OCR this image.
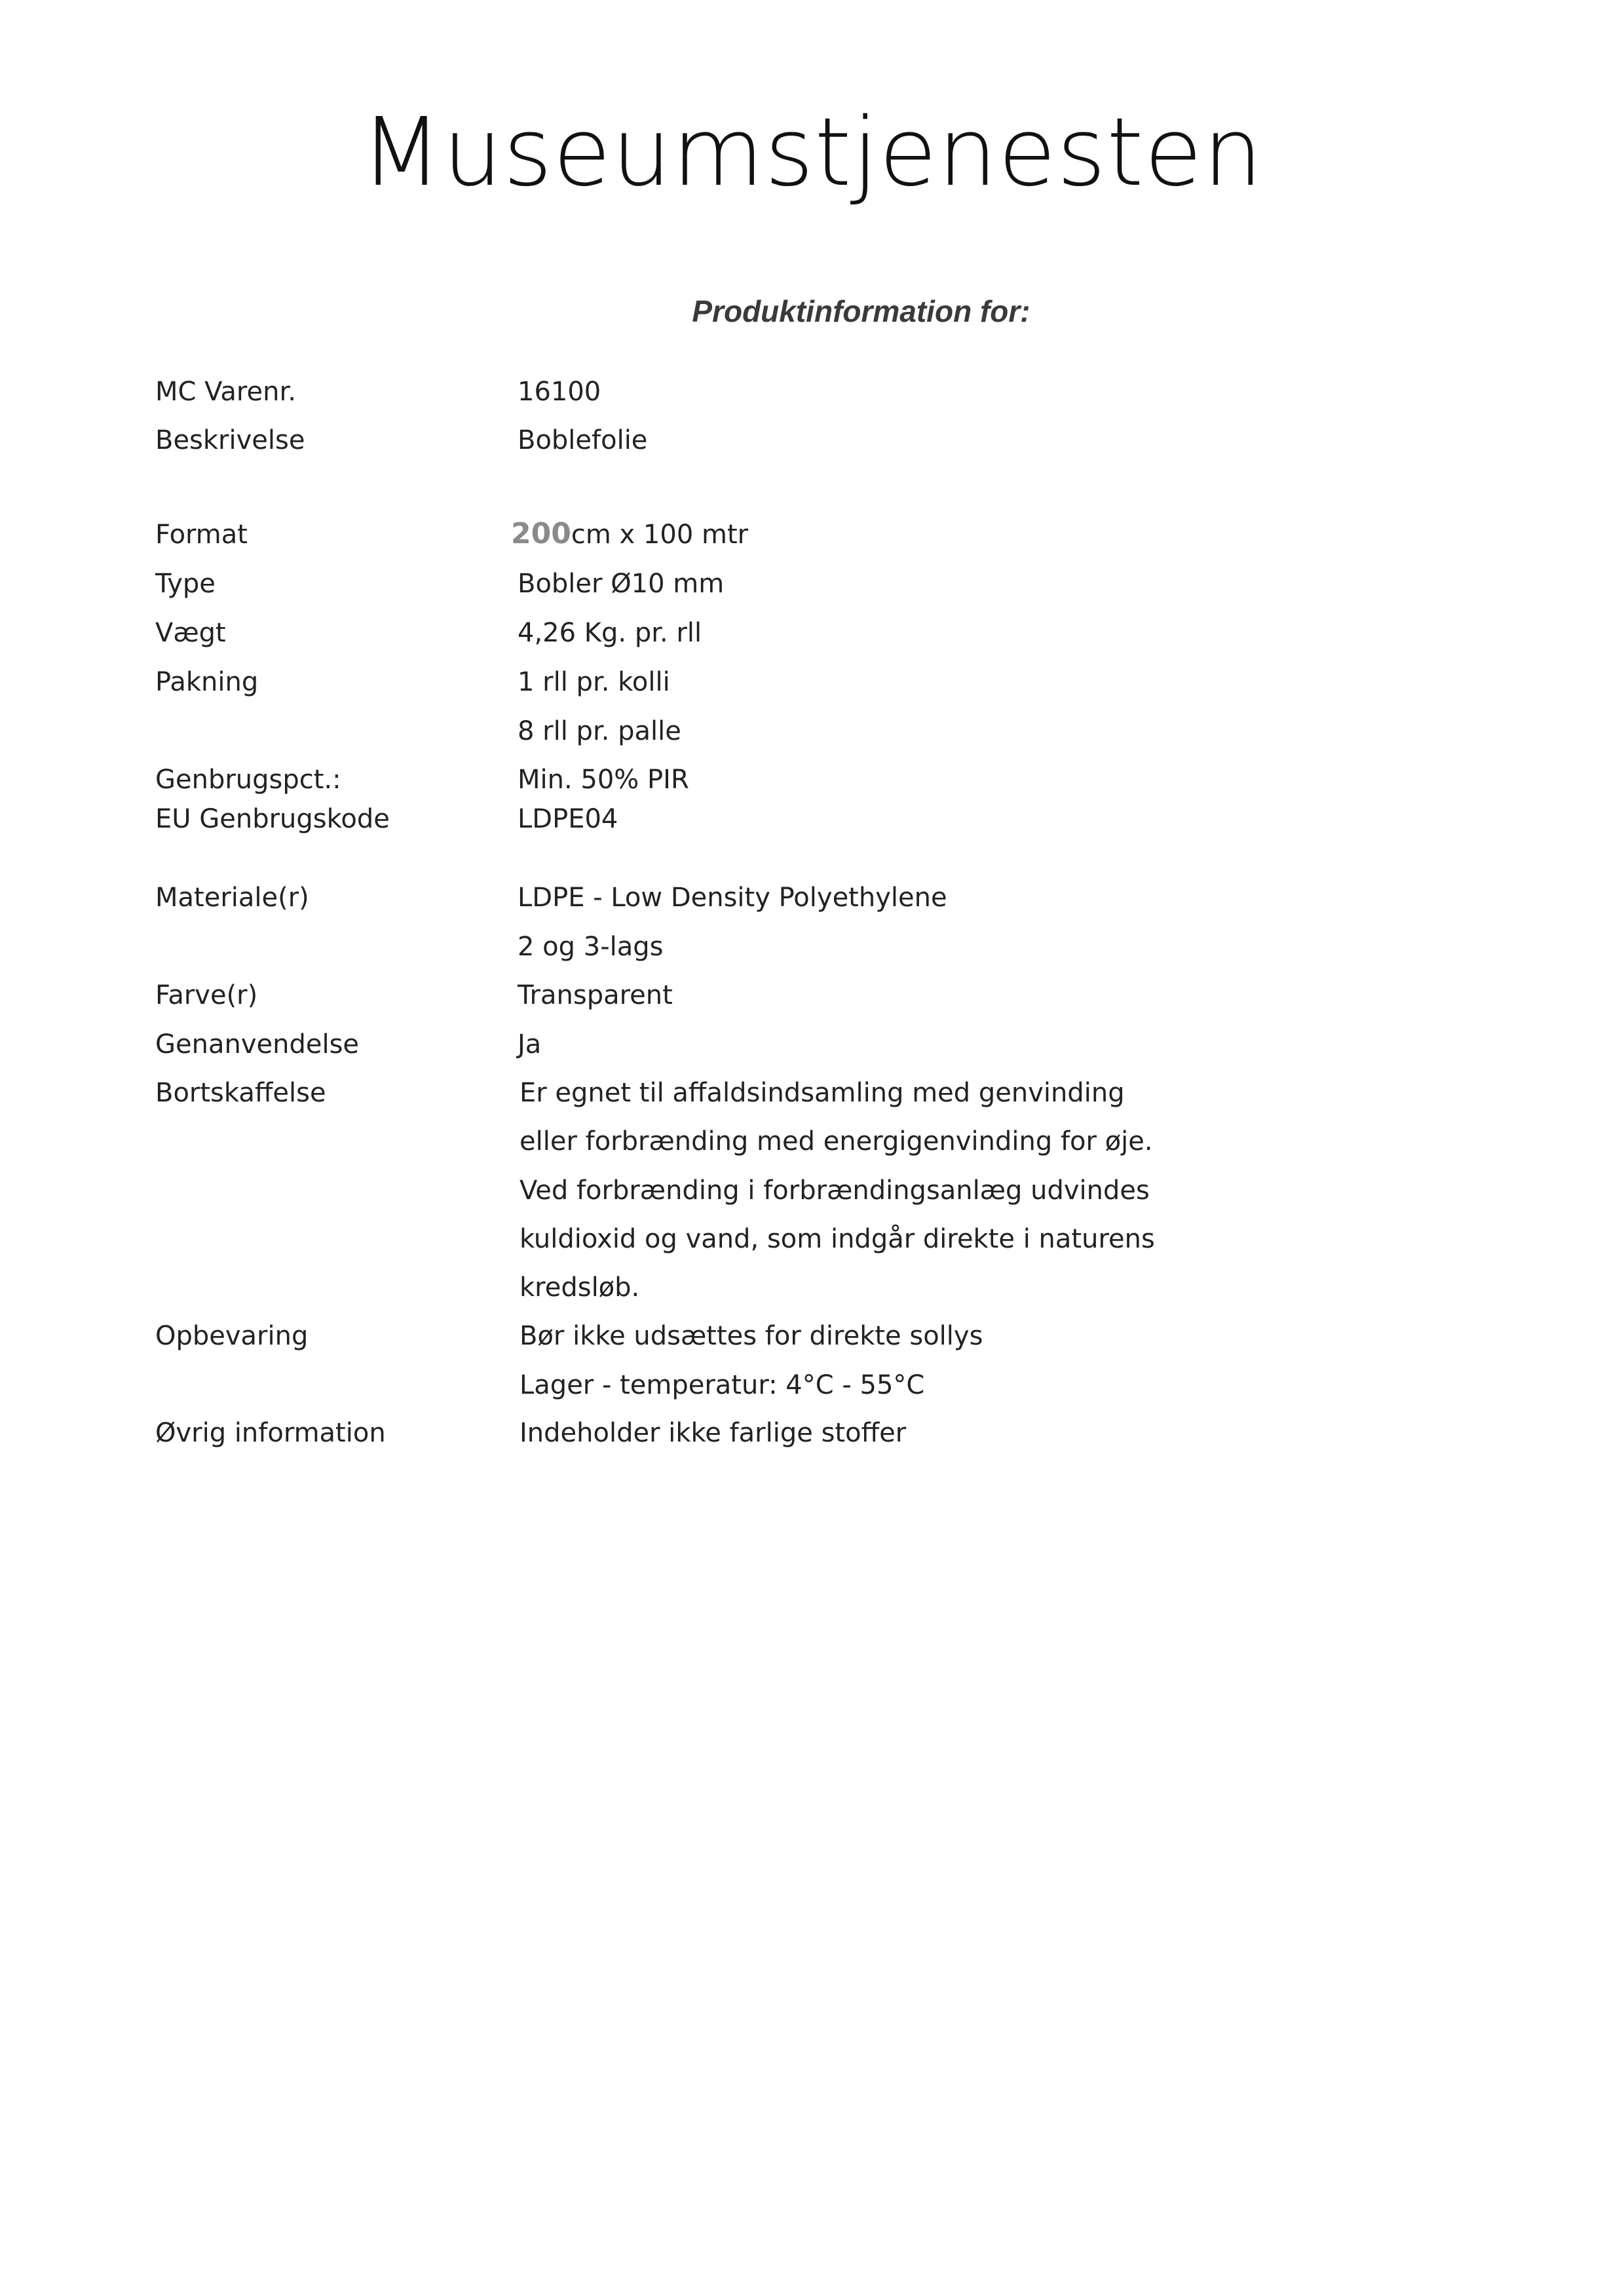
Museumstjenesten
Produktinformation for:
MC Varenr.	16100
Beskrivelse	Boblefolie
Format	200cm x 100 mtr
Type	Bobler Ø10 mm
Vægt	4,26 Kg. pr. rll
Pakning	1 rll pr. kolli
8 rll pr. palle
Genbrugspct.:	Min. 50% PIR
EU Genbrugskode	LDPE04
Materiale(r)	LDPE - Low Density Polyethylene
2 og 3-lags
Farve(r)	Transparent
Genanvendelse	Ja
Bortskaffelse	Er egnet til affaldsindsamling med genvinding
eller forbrænding med energigenvinding for øje.
Ved forbrænding i forbrændingsanlæg udvindes
kuldioxid og vand, som indgår direkte i naturens
kredsløb.
Opbevaring	Bør ikke udsættes for direkte sollys
Lager - temperatur: 4°C - 55°C
Øvrig information	Indeholder ikke farlige stoffer
